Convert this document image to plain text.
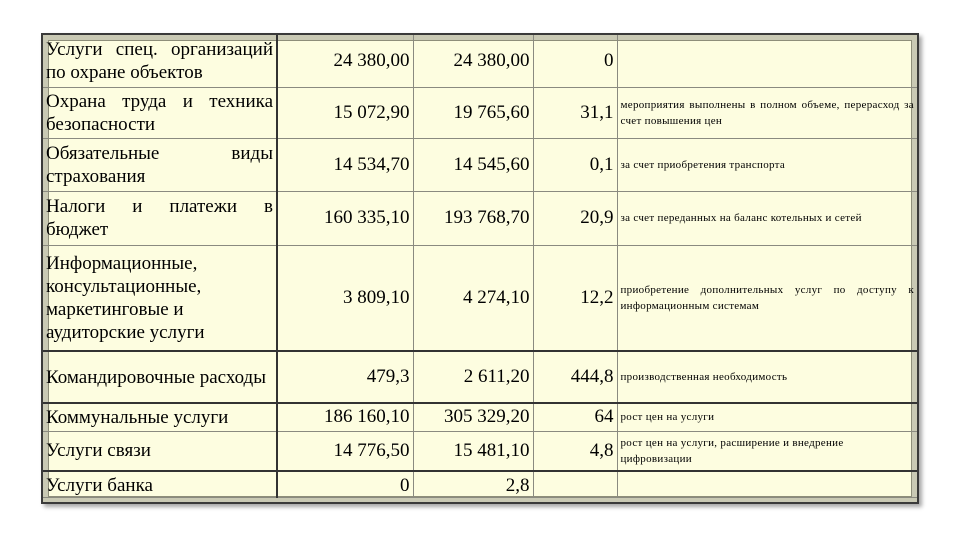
Услуги спец. организаций по охране объектов	24 380,00	24 380,00	0	
Охрана труда и техника безопасности	15 072,90	19 765,60	31,1	мероприятия выполнены в полном объеме, перерасход за счет повышения цен
Обязательные виды страхования	14 534,70	14 545,60	0,1	за счет приобретения транспорта
Налоги и платежи в бюджет	160 335,10	193 768,70	20,9	за счет переданных на баланс котельных и сетей
Информационные, консультационные, маркетинговые и аудиторские услуги	3 809,10	4 274,10	12,2	приобретение дополнительных услуг по доступу к информационным системам
Командировочные расходы	479,3	2 611,20	444,8	производственная необходимость
Коммунальные услуги	186 160,10	305 329,20	64	рост цен на услуги
Услуги связи	14 776,50	15 481,10	4,8	рост цен на услуги, расширение и внедрение цифровизации
Услуги банка	0	2,8		
